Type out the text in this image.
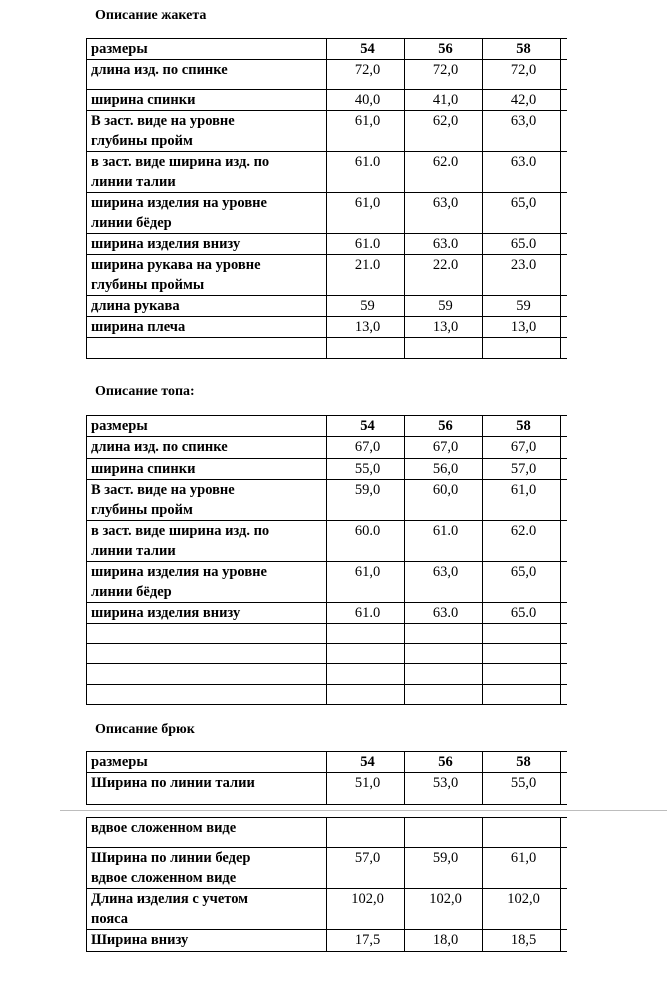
Описание жакета
размеры	54	56	58	
длина изд. по спинке	72,0	72,0	72,0	
ширина спинки	40,0	41,0	42,0	
В заст. виде на уровне
глубины пройм	61,0	62,0	63,0	
в заст. виде ширина изд. по
линии талии	61.0	62.0	63.0	
ширина изделия на уровне
линии бёдер	61,0	63,0	65,0	
ширина изделия внизу	61.0	63.0	65.0	
ширина рукава на уровне
глубины проймы	21.0	22.0	23.0	
длина рукава	59	59	59	
ширина плеча	13,0	13,0	13,0	

Описание топа:
размеры	54	56	58	
длина изд. по спинке	67,0	67,0	67,0	
ширина спинки	55,0	56,0	57,0	
В заст. виде на уровне
глубины пройм	59,0	60,0	61,0	
в заст. виде ширина изд. по
линии талии	60.0	61.0	62.0	
ширина изделия на уровне
линии бёдер	61,0	63,0	65,0	
ширина изделия внизу	61.0	63.0	65.0	

Описание брюк
размеры	54	56	58	
Ширина по линии талии	51,0	53,0	55,0	
вдвое сложенном виде				
Ширина по линии бедер
вдвое сложенном виде	57,0	59,0	61,0	
Длина изделия с учетом
пояса	102,0	102,0	102,0	
Ширина внизу	17,5	18,0	18,5	
